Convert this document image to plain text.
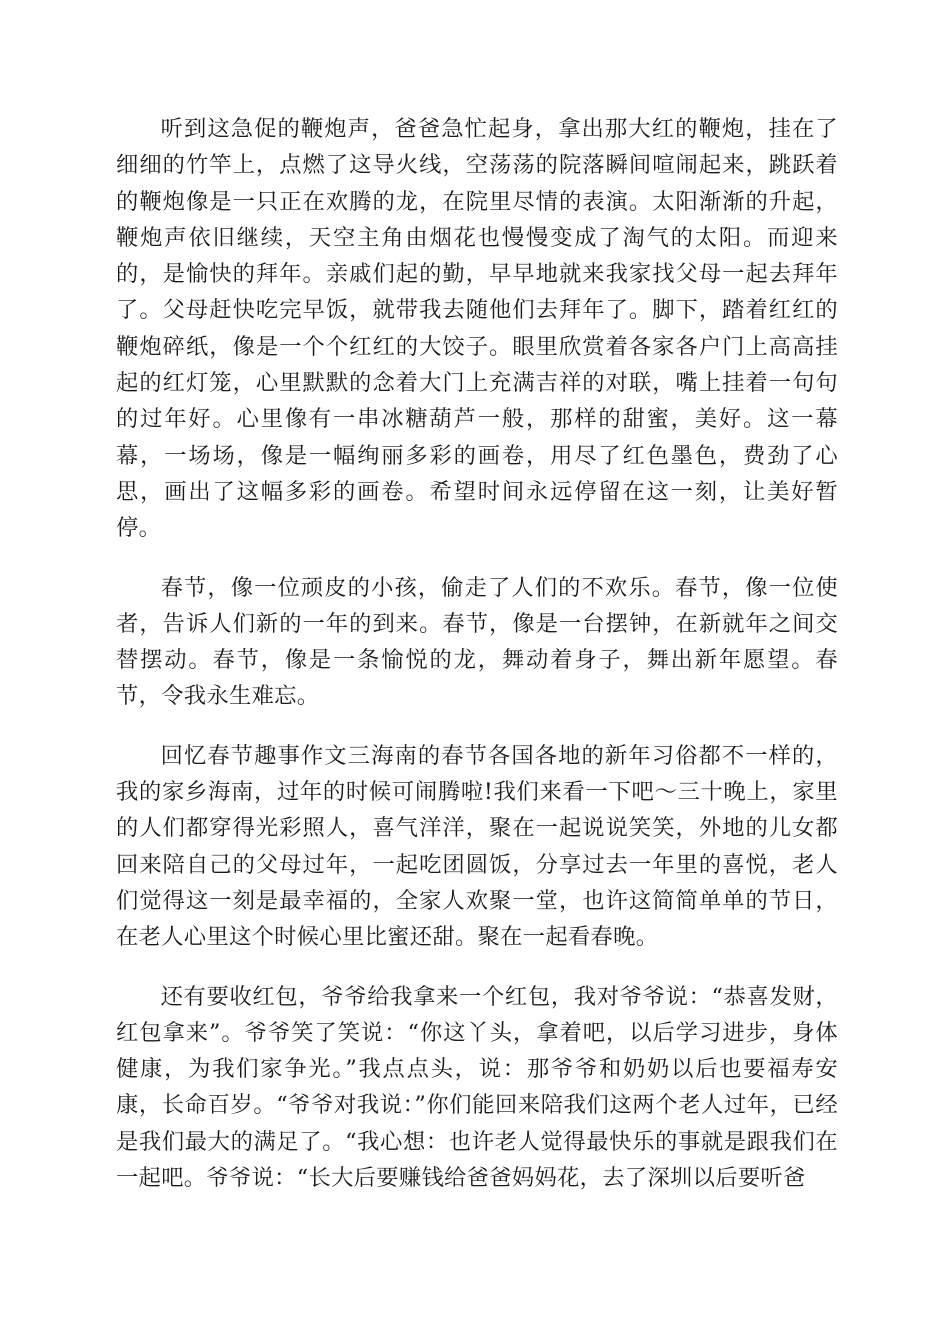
听到这急促的鞭炮声，爸爸急忙起身，拿出那大红的鞭炮，挂在了细细的竹竿上，点燃了这导火线，空荡荡的院落瞬间喧闹起来，跳跃着的鞭炮像是一只正在欢腾的龙，在院里尽情的表演。太阳渐渐的升起，鞭炮声依旧继续，天空主角由烟花也慢慢变成了淘气的太阳。而迎来的，是愉快的拜年。亲戚们起的勤，早早地就来我家找父母一起去拜年了。父母赶快吃完早饭，就带我去随他们去拜年了。脚下，踏着红红的鞭炮碎纸，像是一个个红红的大饺子。眼里欣赏着各家各户门上高高挂起的红灯笼，心里默默的念着大门上充满吉祥的对联，嘴上挂着一句句的过年好。心里像有一串冰糖葫芦一般，那样的甜蜜，美好。这一幕幕，一场场，像是一幅绚丽多彩的画卷，用尽了红色墨色，费劲了心思，画出了这幅多彩的画卷。希望时间永远停留在这一刻，让美好暂停。

春节，像一位顽皮的小孩，偷走了人们的不欢乐。春节，像一位使者，告诉人们新的一年的到来。春节，像是一台摆钟，在新就年之间交替摆动。春节，像是一条愉悦的龙，舞动着身子，舞出新年愿望。春节，令我永生难忘。

回忆春节趣事作文三海南的春节各国各地的新年习俗都不一样的，我的家乡海南，过年的时候可闹腾啦!我们来看一下吧～三十晚上，家里的人们都穿得光彩照人，喜气洋洋，聚在一起说说笑笑，外地的儿女都回来陪自己的父母过年，一起吃团圆饭，分享过去一年里的喜悦，老人们觉得这一刻是最幸福的，全家人欢聚一堂，也许这简简单单的节日，在老人心里这个时候心里比蜜还甜。聚在一起看春晚。

还有要收红包，爷爷给我拿来一个红包，我对爷爷说：“恭喜发财，红包拿来”。爷爷笑了笑说：“你这丫头，拿着吧，以后学习进步，身体健康，为我们家争光。”我点点头，说：那爷爷和奶奶以后也要福寿安康，长命百岁。“爷爷对我说：”你们能回来陪我们这两个老人过年，已经是我们最大的满足了。“我心想：也许老人觉得最快乐的事就是跟我们在一起吧。爷爷说：“长大后要赚钱给爸爸妈妈花，去了深圳以后要听爸
